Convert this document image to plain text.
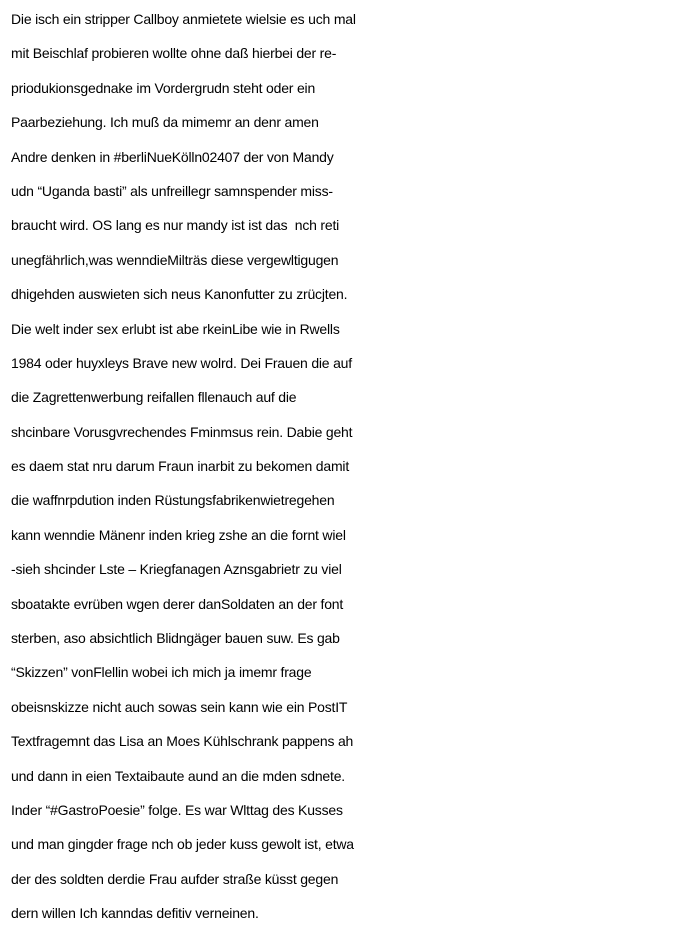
Die isch ein stripper Callboy anmietete wielsie es uch mal
mit Beischlaf probieren wollte ohne daß hierbei der re-
priodukionsgednake im Vordergrudn steht oder ein
Paarbeziehung. Ich muß da mimemr an denr amen
Andre denken in #berliNueKölln02407 der von Mandy
udn “Uganda basti” als unfreillegr samnspender miss-
braucht wird. OS lang es nur mandy ist ist das  nch reti
unegfährlich,was wenndieMilträs diese vergewltigugen
dhigehden auswieten sich neus Kanonfutter zu zrücjten.
Die welt inder sex erlubt ist abe rkeinLibe wie in Rwells
1984 oder huyxleys Brave new wolrd. Dei Frauen die auf
die Zagrettenwerbung reifallen fllenauch auf die
shcinbare Vorusgvrechendes Fminmsus rein. Dabie geht
es daem stat nru darum Fraun inarbit zu bekomen damit
die waffnrpdution inden Rüstungsfabrikenwietregehen
kann wenndie Mänenr inden krieg zshe an die fornt wiel
-sieh shcinder Lste – Kriegfanagen Aznsgabrietr zu viel
sboatakte evrüben wgen derer danSoldaten an der font
sterben, aso absichtlich Blidngäger bauen suw. Es gab
“Skizzen” vonFlellin wobei ich mich ja imemr frage
obeisnskizze nicht auch sowas sein kann wie ein PostIT
Textfragemnt das Lisa an Moes Kühlschrank pappens ah
und dann in eien Textaibaute aund an die mden sdnete.
Inder “#GastroPoesie” folge. Es war Wlttag des Kusses
und man gingder frage nch ob jeder kuss gewolt ist, etwa
der des soldten derdie Frau aufder straße küsst gegen
dern willen Ich kanndas defitiv verneinen.
